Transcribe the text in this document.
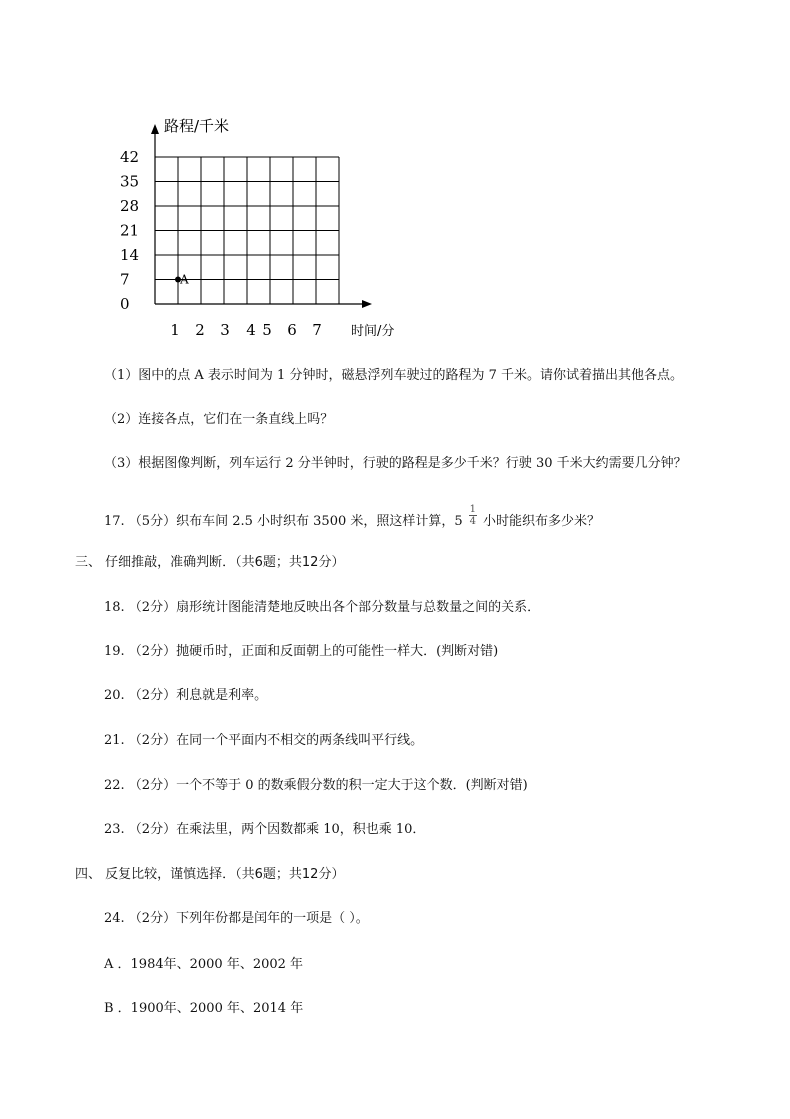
路程/千米
时间/分
0
7
14
21
28
35
42
1 2 3 4 5 6 7
A
（1）图中的点 A 表示时间为 1 分钟时，磁悬浮列车驶过的路程为 7 千米。请你试着描出其他各点。
（2）连接各点，它们在一条直线上吗？
（3）根据图像判断，列车运行 2 分半钟时，行驶的路程是多少千米？行驶 30 千米大约需要几分钟？
17. （5分）织布车间 2.5 小时织布 3500 米，照这样计算，$5 \frac{1}{4}$ 小时能织布多少米？
三、 仔细推敲，准确判断．（共6题；共12分）
18. （2分）扇形统计图能清楚地反映出各个部分数量与总数量之间的关系．
19. （2分）抛硬币时，正面和反面朝上的可能性一样大．(判断对错)
20. （2分）利息就是利率。
21. （2分）在同一个平面内不相交的两条线叫平行线。
22. （2分）一个不等于 0 的数乘假分数的积一定大于这个数．(判断对错)
23. （2分）在乘法里，两个因数都乘 10，积也乘 10．
四、 反复比较，谨慎选择．（共6题；共12分）
24. （2分）下列年份都是闰年的一项是（ ）。
A ．1984年、2000 年、2002 年
B ．1900年、2000 年、2014 年
